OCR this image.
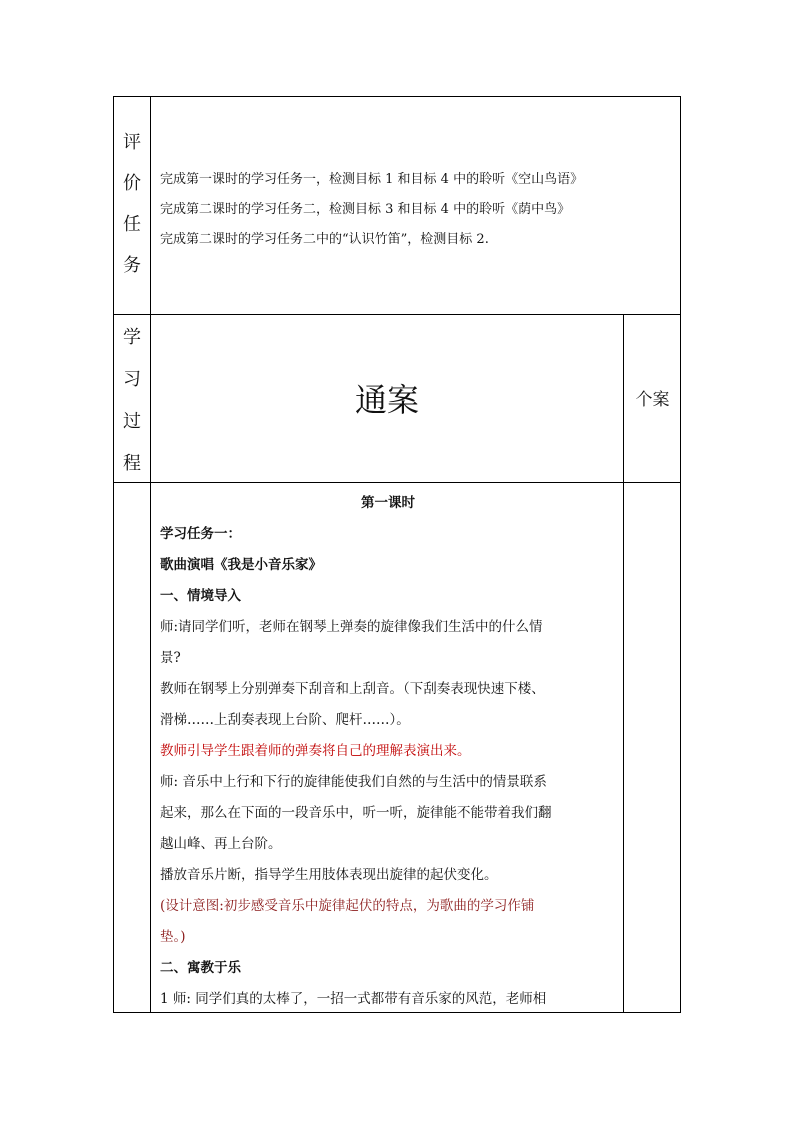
评
价
任
务
完成第一课时的学习任务一，检测目标 1 和目标 4 中的聆听《空山鸟语》
完成第二课时的学习任务二，检测目标 3 和目标 4 中的聆听《荫中鸟》
完成第二课时的学习任务二中的“认识竹笛”，检测目标 2.
学
习
过
程
通案	个案

第一课时

学习任务一：

歌曲演唱《我是小音乐家》

一、情境导入

师:请同学们听，老师在钢琴上弹奏的旋律像我们生活中的什么情

景?

教师在钢琴上分别弹奏下刮音和上刮音。（下刮奏表现快速下楼、

滑梯……上刮奏表现上台阶、爬杆……）。

教师引导学生跟着师的弹奏将自己的理解表演出来。

师: 音乐中上行和下行的旋律能使我们自然的与生活中的情景联系

起来，那么在下面的一段音乐中，听一听，旋律能不能带着我们翻

越山峰、再上台阶。

播放音乐片断，指导学生用肢体表现出旋律的起伏变化。

(设计意图:初步感受音乐中旋律起伏的特点，为歌曲的学习作铺

垫。)

二、寓教于乐

1 师: 同学们真的太棒了，一招一式都带有音乐家的风范，老师相
